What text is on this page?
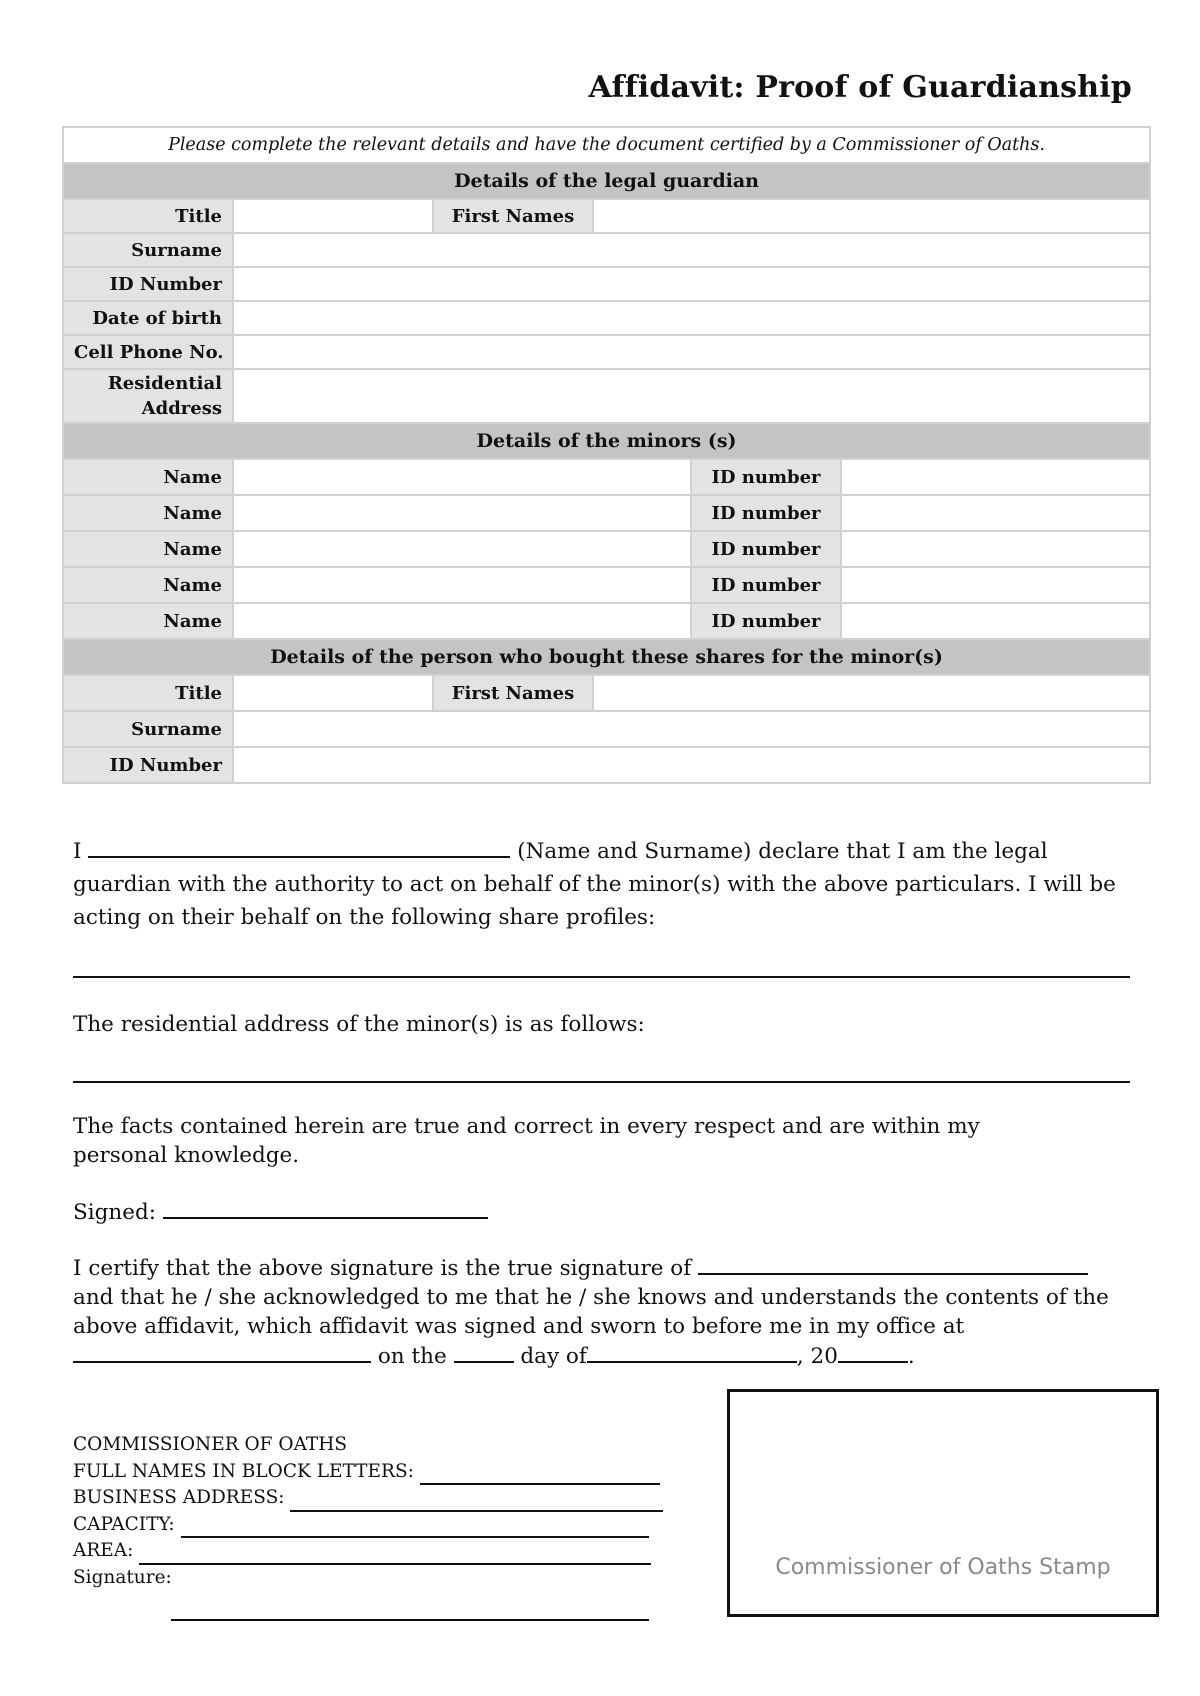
Affidavit: Proof of Guardianship
Please complete the relevant details and have the document certified by a Commissioner of Oaths.					
Details of the legal guardian					
Title		First Names			
Surname					
ID Number					
Date of birth					
Cell Phone No.					
Residential
Address					
Details of the minors (s)					
Name				ID number	
Name				ID number	
Name				ID number	
Name				ID number	
Name				ID number	
Details of the person who bought these shares for the minor(s)					
Title		First Names			
Surname					
ID Number					
I	(Name and Surname) declare that I am the legal guardian with the authority to act on behalf of the minor(s) with the above particulars. I will be acting on their behalf on the following share profiles:
The residential address of the minor(s) is as follows:
The facts contained herein are true and correct in every respect and are within my personal knowledge.
Signed:
I certify that the above signature is the true signature of  and that he / she acknowledged to me that he / she knows and understands the contents of the above affidavit, which affidavit was signed and sworn to before me in my office at
on the	day of	, 20	.
COMMISSIONER OF OATHS
FULL NAMES IN BLOCK LETTERS:
BUSINESS ADDRESS:
CAPACITY:
AREA:
Signature:	Commissioner of Oaths Stamp
